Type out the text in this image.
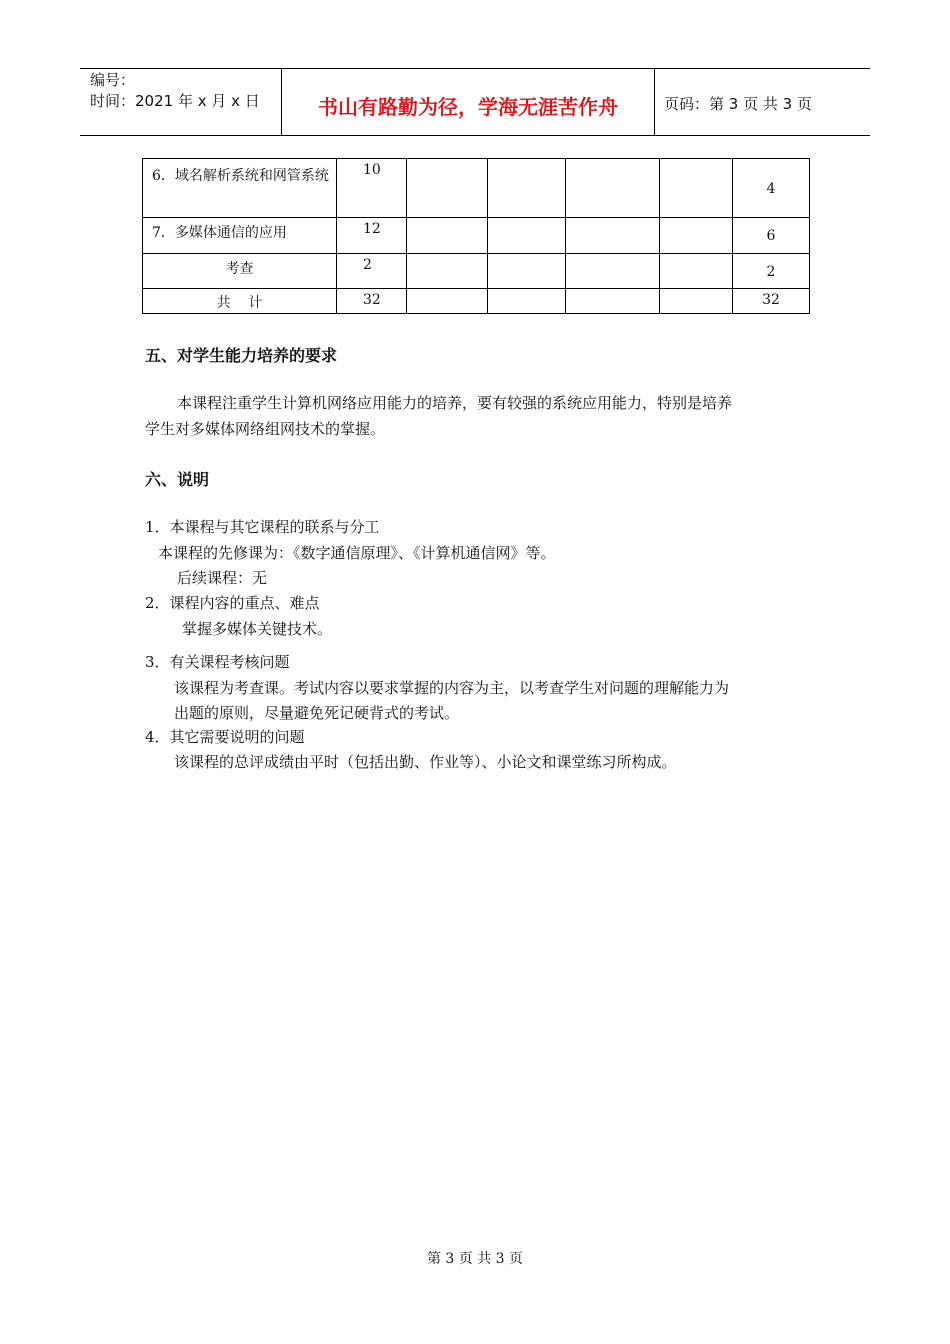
编号：
时间：2021 年 x 月 x 日	书山有路勤为径，学海无涯苦作舟	页码：第 3 页 共 3 页
6．域名解析系统和网管系统	10					4

7．多媒体通信的应用	12					6

考查	2					2

共    计	32					32
五、对学生能力培养的要求
本课程注重学生计算机网络应用能力的培养，要有较强的系统应用能力，特别是培养
学生对多媒体网络组网技术的掌握。
六、说明
1．本课程与其它课程的联系与分工
本课程的先修课为：《数字通信原理》、《计算机通信网》等。
后续课程：无
2．课程内容的重点、难点
掌握多媒体关键技术。
3．有关课程考核问题
该课程为考查课。考试内容以要求掌握的内容为主，以考查学生对问题的理解能力为
出题的原则，尽量避免死记硬背式的考试。
4．其它需要说明的问题
该课程的总评成绩由平时（包括出勤、作业等）、小论文和课堂练习所构成。
第 3 页 共 3 页
